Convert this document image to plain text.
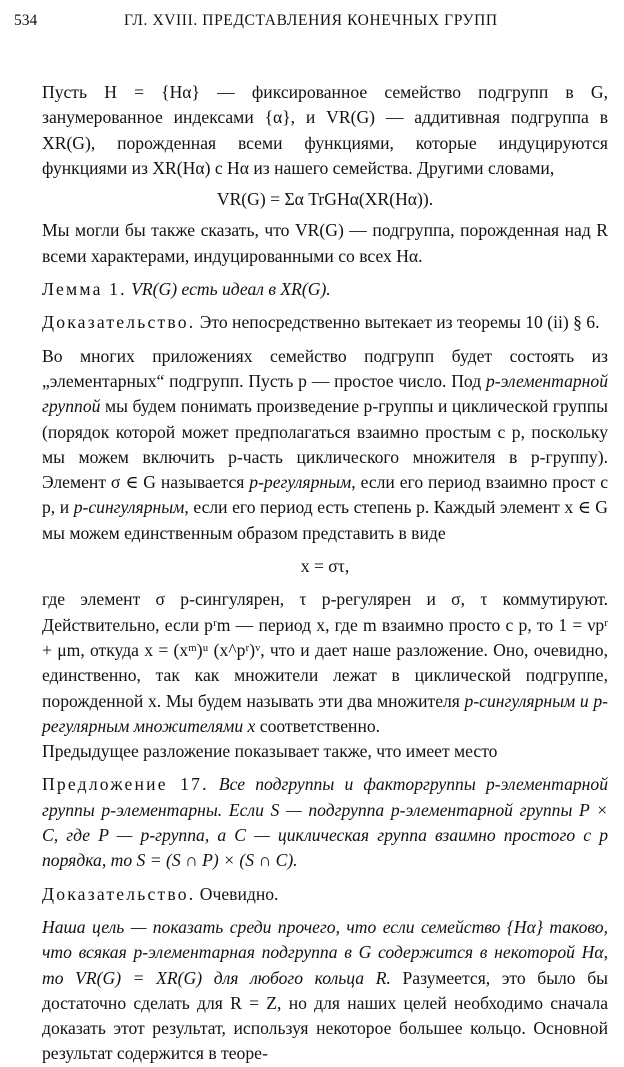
534	ГЛ. XVIII. ПРЕДСТАВЛЕНИЯ КОНЕЧНЫХ ГРУПП

Пусть H = {Hα} — фиксированное семейство подгрупп в G, занумерованное индексами {α}, и VR(G) — аддитивная подгруппа в XR(G), порожденная всеми функциями, которые индуцируются функциями из XR(Hα) с Hα из нашего семейства. Другими словами,

VR(G) = Σα TrGHα(XR(Hα)).

Мы могли бы также сказать, что VR(G) — подгруппа, порожденная над R всеми характерами, индуцированными со всех Hα.

Лемма 1. VR(G) есть идеал в XR(G).

Доказательство. Это непосредственно вытекает из теоремы 10 (ii) § 6.

Во многих приложениях семейство подгрупп будет состоять из „элементарных“ подгрупп. Пусть p — простое число. Под p-элементарной группой мы будем понимать произведение p-группы и циклической группы (порядок которой может предполагаться взаимно простым с p, поскольку мы можем включить p-часть циклического множителя в p-группу). Элемент σ ∈ G называется p-регулярным, если его период взаимно прост с p, и p-сингулярным, если его период есть степень p. Каждый элемент x ∈ G мы можем единственным образом представить в виде

x = στ,

где элемент σ p-сингулярен, τ p-регулярен и σ, τ коммутируют. Действительно, если pʳm — период x, где m взаимно просто с p, то 1 = νpʳ + μm, откуда x = (xᵐ)ᵘ (x^pʳ)ᵛ, что и дает наше разложение. Оно, очевидно, единственно, так как множители лежат в циклической подгруппе, порожденной x. Мы будем называть эти два множителя p-сингулярным и p-регулярным множителями x соответственно.

Предыдущее разложение показывает также, что имеет место

Предложение 17. Все подгруппы и факторгруппы p-элементарной группы p-элементарны. Если S — подгруппа p-элементарной группы P × C, где P — p-группа, а C — циклическая группа взаимно простого с p порядка, то S = (S ∩ P) × (S ∩ C).

Доказательство. Очевидно.

Наша цель — показать среди прочего, что если семейство {Hα} таково, что всякая p-элементарная подгруппа в G содержится в некоторой Hα, то VR(G) = XR(G) для любого кольца R. Разумеется, это было бы достаточно сделать для R = Z, но для наших целей необходимо сначала доказать этот результат, используя некоторое большее кольцо. Основной результат содержится в теоре-
